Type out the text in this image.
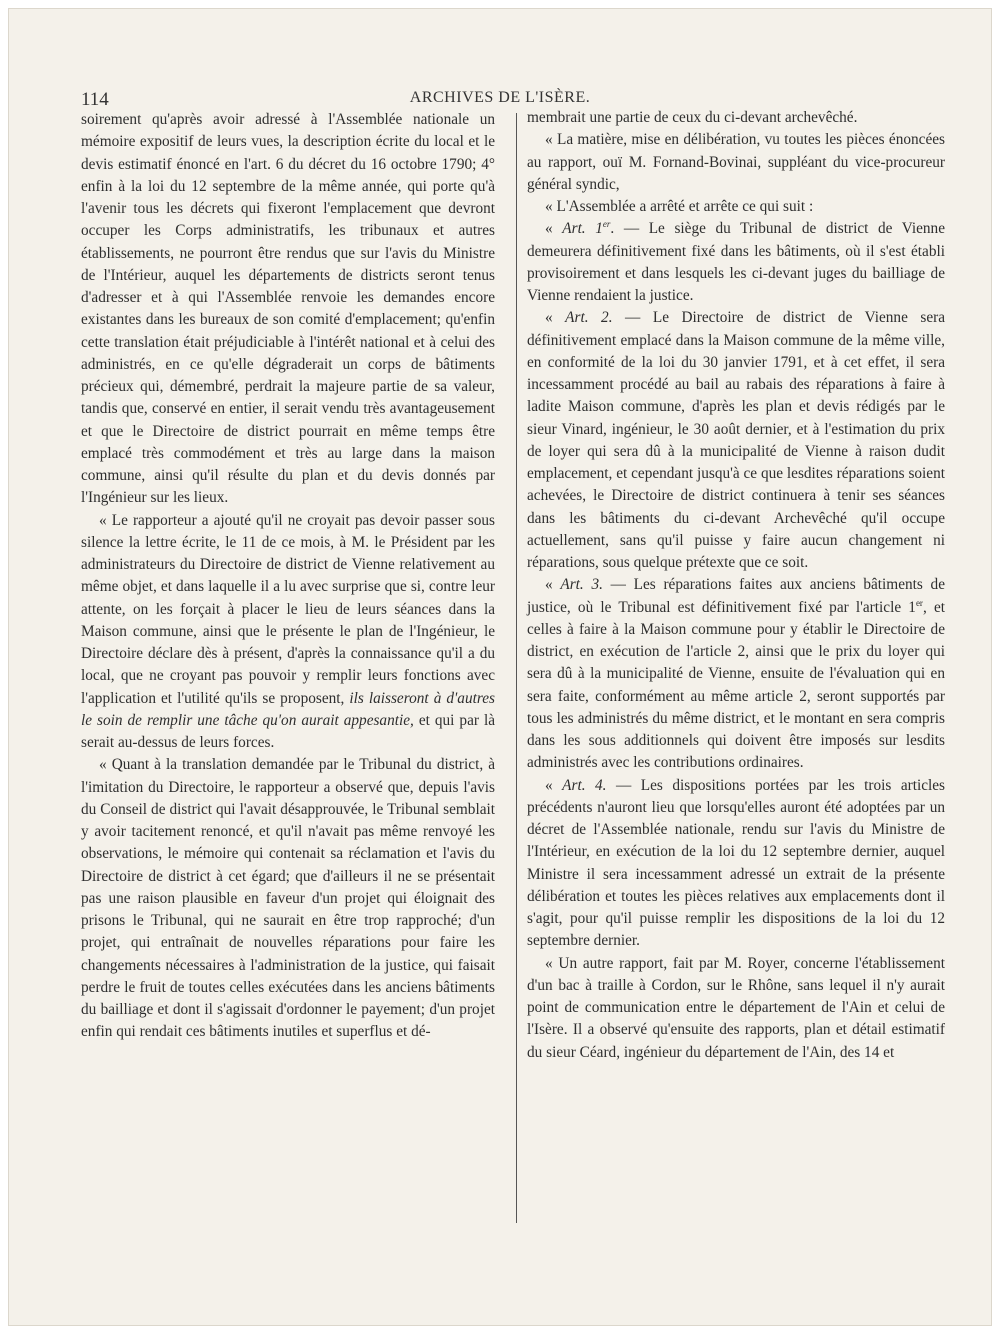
114	ARCHIVES DE L'ISÈRE.

soirement qu'après avoir adressé à l'Assemblée nationale un mémoire expositif de leurs vues, la description écrite du local et le devis estimatif énoncé en l'art. 6 du décret du 16 octobre 1790; 4° enfin à la loi du 12 septembre de la même année, qui porte qu'à l'avenir tous les décrets qui fixeront l'emplacement que devront occuper les Corps administratifs, les tribunaux et autres établissements, ne pourront être rendus que sur l'avis du Ministre de l'Intérieur, auquel les départements de districts seront tenus d'adresser et à qui l'Assemblée renvoie les demandes encore existantes dans les bureaux de son comité d'emplacement; qu'enfin cette translation était préjudiciable à l'intérêt national et à celui des administrés, en ce qu'elle dégraderait un corps de bâtiments précieux qui, démembré, perdrait la majeure partie de sa valeur, tandis que, conservé en entier, il serait vendu très avantageusement et que le Directoire de district pourrait en même temps être emplacé très commodément et très au large dans la maison commune, ainsi qu'il résulte du plan et du devis donnés par l'Ingénieur sur les lieux.

« Le rapporteur a ajouté qu'il ne croyait pas devoir passer sous silence la lettre écrite, le 11 de ce mois, à M. le Président par les administrateurs du Directoire de district de Vienne relativement au même objet, et dans laquelle il a lu avec surprise que si, contre leur attente, on les forçait à placer le lieu de leurs séances dans la Maison commune, ainsi que le présente le plan de l'Ingénieur, le Directoire déclare dès à présent, d'après la connaissance qu'il a du local, que ne croyant pas pouvoir y remplir leurs fonctions avec l'application et l'utilité qu'ils se proposent, ils laisseront à d'autres le soin de remplir une tâche qu'on aurait appesantie, et qui par là serait au-dessus de leurs forces.

« Quant à la translation demandée par le Tribunal du district, à l'imitation du Directoire, le rapporteur a observé que, depuis l'avis du Conseil de district qui l'avait désapprouvée, le Tribunal semblait y avoir tacitement renoncé, et qu'il n'avait pas même renvoyé les observations, le mémoire qui contenait sa réclamation et l'avis du Directoire de district à cet égard; que d'ailleurs il ne se présentait pas une raison plausible en faveur d'un projet qui éloignait des prisons le Tribunal, qui ne saurait en être trop rapproché; d'un projet, qui entraînait de nouvelles réparations pour faire les changements nécessaires à l'administration de la justice, qui faisait perdre le fruit de toutes celles exécutées dans les anciens bâtiments du bailliage et dont il s'agissait d'ordonner le payement; d'un projet enfin qui rendait ces bâtiments inutiles et superflus et dé-

membrait une partie de ceux du ci-devant archevêché.

« La matière, mise en délibération, vu toutes les pièces énoncées au rapport, ouï M. Fornand-Bovinai, suppléant du vice-procureur général syndic,

« L'Assemblée a arrêté et arrête ce qui suit :

« Art. 1er. — Le siège du Tribunal de district de Vienne demeurera définitivement fixé dans les bâtiments, où il s'est établi provisoirement et dans lesquels les ci-devant juges du bailliage de Vienne rendaient la justice.

« Art. 2. — Le Directoire de district de Vienne sera définitivement emplacé dans la Maison commune de la même ville, en conformité de la loi du 30 janvier 1791, et à cet effet, il sera incessamment procédé au bail au rabais des réparations à faire à ladite Maison commune, d'après les plan et devis rédigés par le sieur Vinard, ingénieur, le 30 août dernier, et à l'estimation du prix de loyer qui sera dû à la municipalité de Vienne à raison dudit emplacement, et cependant jusqu'à ce que lesdites réparations soient achevées, le Directoire de district continuera à tenir ses séances dans les bâtiments du ci-devant Archevêché qu'il occupe actuellement, sans qu'il puisse y faire aucun changement ni réparations, sous quelque prétexte que ce soit.

« Art. 3. — Les réparations faites aux anciens bâtiments de justice, où le Tribunal est définitivement fixé par l'article 1er, et celles à faire à la Maison commune pour y établir le Directoire de district, en exécution de l'article 2, ainsi que le prix du loyer qui sera dû à la municipalité de Vienne, ensuite de l'évaluation qui en sera faite, conformément au même article 2, seront supportés par tous les administrés du même district, et le montant en sera compris dans les sous additionnels qui doivent être imposés sur lesdits administrés avec les contributions ordinaires.

« Art. 4. — Les dispositions portées par les trois articles précédents n'auront lieu que lorsqu'elles auront été adoptées par un décret de l'Assemblée nationale, rendu sur l'avis du Ministre de l'Intérieur, en exécution de la loi du 12 septembre dernier, auquel Ministre il sera incessamment adressé un extrait de la présente délibération et toutes les pièces relatives aux emplacements dont il s'agit, pour qu'il puisse remplir les dispositions de la loi du 12 septembre dernier.

« Un autre rapport, fait par M. Royer, concerne l'établissement d'un bac à traille à Cordon, sur le Rhône, sans lequel il n'y aurait point de communication entre le département de l'Ain et celui de l'Isère. Il a observé qu'ensuite des rapports, plan et détail estimatif du sieur Céard, ingénieur du département de l'Ain, des 14 et
